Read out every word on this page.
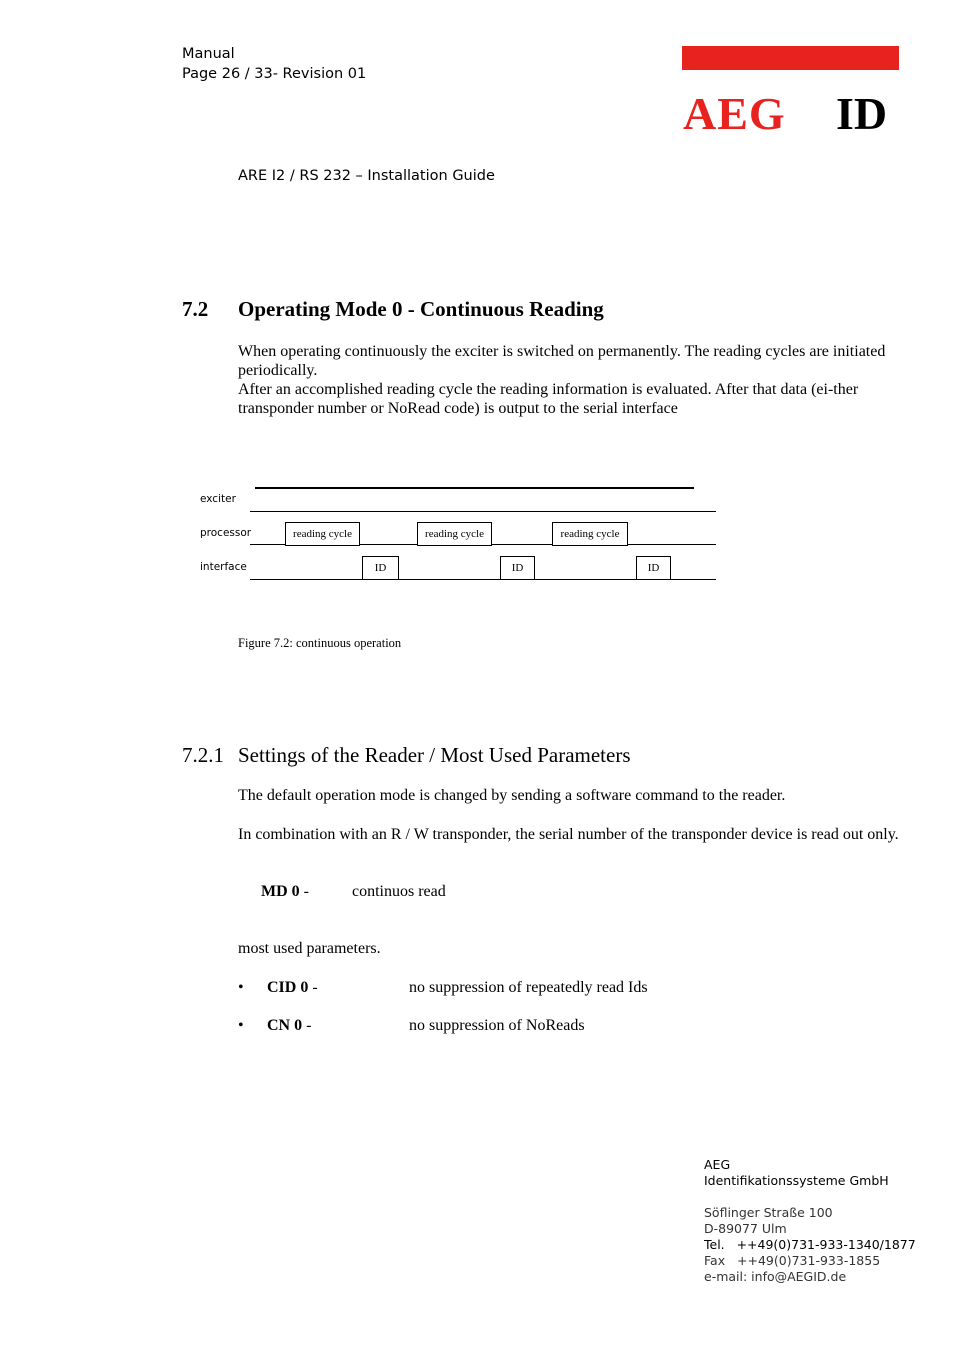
Manual
Page 26 / 33- Revision 01
AEG ID
ARE I2 / RS 232 – Installation Guide
7.2 Operating Mode 0 - Continuous Reading
When operating continuously the exciter is switched on permanently. The reading cycles are initiated periodically.
After an accomplished reading cycle the reading information is evaluated. After that data (ei-ther transponder number or NoRead code) is output to the serial interface
exciter
processor
interface
reading cycle	reading cycle	reading cycle
ID	ID	ID
Figure 7.2: continuous operation
7.2.1 Settings of the Reader / Most Used Parameters
The default operation mode is changed by sending a software command to the reader.
In combination with an R / W transponder, the serial number of the transponder device is read out only.
MD 0 -	continuos read
most used parameters.
• CID 0 -	no suppression of repeatedly read Ids
• CN 0 -	no suppression of NoReads
AEG
Identifikationssysteme GmbH
Söflinger Straße 100
D-89077 Ulm
Tel. ++49(0)731-933-1340/1877
Fax ++49(0)731-933-1855
e-mail: info@AEGID.de
